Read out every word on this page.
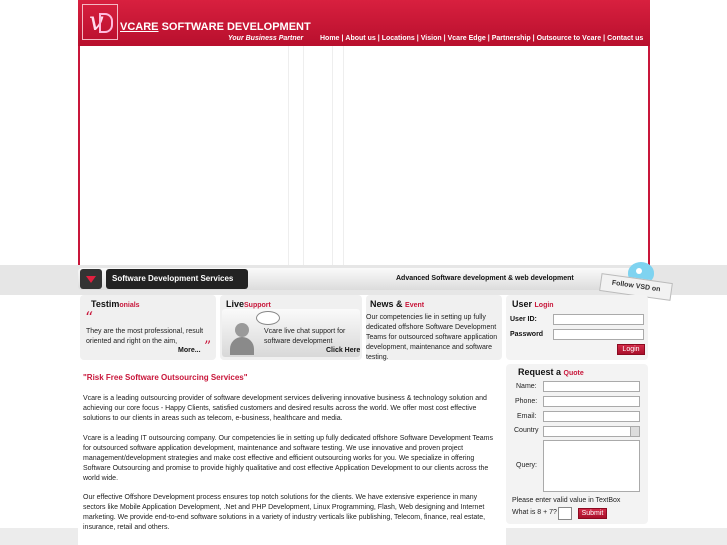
v VCARE SOFTWARE DEVELOPMENT
Your Business Partner Home | About us | Locations | Vision | Vcare Edge | Partnership | Outsource to Vcare | Contact us
Software Development Services	Advanced Software development & web development
Follow VSD on
Testimonials
“
They are the most professional, result oriented and right on the aim,
More... ”
LiveSupport
Vcare live chat support for software development
Click Here
News & Event
Our competencies lie in setting up fully dedicated offshore Software Development Teams for outsourced software application development, maintenance and software testing.
User Login
User ID:
Password
Login
"Risk Free Software Outsourcing Services"

Vcare is a leading outsourcing provider of software development services delivering innovative business & technology solution and achieving our core focus - Happy Clients, satisfied customers and desired results across the world. We offer most cost effective solutions to our clients in areas such as telecom, e-business, healthcare and media.

Vcare is a leading IT outsourcing company. Our competencies lie in setting up fully dedicated offshore Software Development Teams for outsourced software application development, maintenance and software testing. We use innovative and proven project management/development strategies and make cost effective and efficient outsourcing works for you. We specialize in offering Software Outsourcing and promise to provide highly qualitative and cost effective Application Development to our clients across the world wide.

Our effective Offshore Development process ensures top notch solutions for the clients. We have extensive experience in many sectors like Mobile Application Development, .Net and PHP Development, Linux Programming, Flash, Web designing and Internet marketing. We provide end-to-end software solutions in a variety of industry verticals like publishing, Telecom, finance, real estate, insurance, retail and others.

Request a Quote
Name:
Phone:
Email:
Country
Query:
Please enter valid value in TextBox
What is 8 + 7?	Submit
